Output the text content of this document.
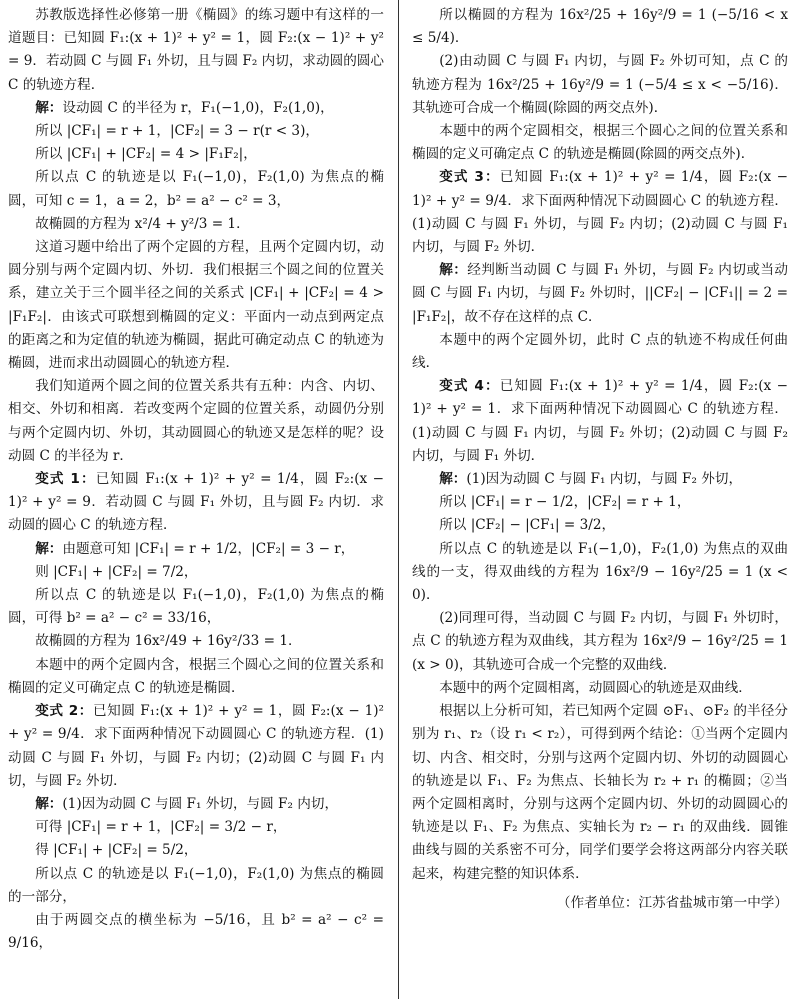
苏教版选择性必修第一册《椭圆》的练习题中有这样的一道题目：已知圆 F₁:(x + 1)² + y² = 1，圆 F₂:(x − 1)² + y² = 9．若动圆 C 与圆 F₁ 外切，且与圆 F₂ 内切，求动圆的圆心 C 的轨迹方程．

解：设动圆 C 的半径为 r，F₁(−1,0)，F₂(1,0)，

所以 |CF₁| = r + 1，|CF₂| = 3 − r(r < 3)，

所以 |CF₁| + |CF₂| = 4 > |F₁F₂|，

所以点 C 的轨迹是以 F₁(−1,0)，F₂(1,0) 为焦点的椭圆，可知 c = 1，a = 2，b² = a² − c² = 3，

故椭圆的方程为 x²/4 + y²/3 = 1．

这道习题中给出了两个定圆的方程，且两个定圆内切，动圆分别与两个定圆内切、外切．我们根据三个圆之间的位置关系，建立关于三个圆半径之间的关系式 |CF₁| + |CF₂| = 4 > |F₁F₂|．由该式可联想到椭圆的定义：平面内一动点到两定点的距离之和为定值的轨迹为椭圆，据此可确定动点 C 的轨迹为椭圆，进而求出动圆圆心的轨迹方程．

我们知道两个圆之间的位置关系共有五种：内含、内切、相交、外切和相离．若改变两个定圆的位置关系，动圆仍分别与两个定圆内切、外切，其动圆圆心的轨迹又是怎样的呢？设动圆 C 的半径为 r．

变式 1：已知圆 F₁:(x + 1)² + y² = 1/4，圆 F₂:(x − 1)² + y² = 9．若动圆 C 与圆 F₁ 外切，且与圆 F₂ 内切．求动圆的圆心 C 的轨迹方程．

解：由题意可知 |CF₁| = r + 1/2，|CF₂| = 3 − r，

则 |CF₁| + |CF₂| = 7/2，

所以点 C 的轨迹是以 F₁(−1,0)，F₂(1,0) 为焦点的椭圆，可得 b² = a² − c² = 33/16，

故椭圆的方程为 16x²/49 + 16y²/33 = 1．

本题中的两个定圆内含，根据三个圆心之间的位置关系和椭圆的定义可确定点 C 的轨迹是椭圆．

变式 2：已知圆 F₁:(x + 1)² + y² = 1，圆 F₂:(x − 1)² + y² = 9/4．求下面两种情况下动圆圆心 C 的轨迹方程．(1)动圆 C 与圆 F₁ 外切，与圆 F₂ 内切；(2)动圆 C 与圆 F₁ 内切，与圆 F₂ 外切．

解：(1)因为动圆 C 与圆 F₁ 外切，与圆 F₂ 内切，

可得 |CF₁| = r + 1，|CF₂| = 3/2 − r，

得 |CF₁| + |CF₂| = 5/2，

所以点 C 的轨迹是以 F₁(−1,0)，F₂(1,0) 为焦点的椭圆的一部分，

由于两圆交点的横坐标为 −5/16，且 b² = a² − c² = 9/16，

所以椭圆的方程为 16x²/25 + 16y²/9 = 1 (−5/16 < x ≤ 5/4)．

(2)由动圆 C 与圆 F₁ 内切，与圆 F₂ 外切可知，点 C 的轨迹方程为 16x²/25 + 16y²/9 = 1 (−5/4 ≤ x < −5/16)．其轨迹可合成一个椭圆(除圆的两交点外)．

本题中的两个定圆相交，根据三个圆心之间的位置关系和椭圆的定义可确定点 C 的轨迹是椭圆(除圆的两交点外)．

变式 3：已知圆 F₁:(x + 1)² + y² = 1/4，圆 F₂:(x − 1)² + y² = 9/4．求下面两种情况下动圆圆心 C 的轨迹方程．(1)动圆 C 与圆 F₁ 外切，与圆 F₂ 内切；(2)动圆 C 与圆 F₁ 内切，与圆 F₂ 外切．

解：经判断当动圆 C 与圆 F₁ 外切，与圆 F₂ 内切或当动圆 C 与圆 F₁ 内切，与圆 F₂ 外切时，||CF₂| − |CF₁|| = 2 = |F₁F₂|，故不存在这样的点 C．

本题中的两个定圆外切，此时 C 点的轨迹不构成任何曲线．

变式 4：已知圆 F₁:(x + 1)² + y² = 1/4，圆 F₂:(x − 1)² + y² = 1．求下面两种情况下动圆圆心 C 的轨迹方程．(1)动圆 C 与圆 F₁ 内切，与圆 F₂ 外切；(2)动圆 C 与圆 F₂ 内切，与圆 F₁ 外切．

解：(1)因为动圆 C 与圆 F₁ 内切，与圆 F₂ 外切，

所以 |CF₁| = r − 1/2，|CF₂| = r + 1，

所以 |CF₂| − |CF₁| = 3/2，

所以点 C 的轨迹是以 F₁(−1,0)，F₂(1,0) 为焦点的双曲线的一支，得双曲线的方程为 16x²/9 − 16y²/25 = 1 (x < 0)．

(2)同理可得，当动圆 C 与圆 F₂ 内切，与圆 F₁ 外切时，点 C 的轨迹方程为双曲线，其方程为 16x²/9 − 16y²/25 = 1 (x > 0)，其轨迹可合成一个完整的双曲线．

本题中的两个定圆相离，动圆圆心的轨迹是双曲线．

根据以上分析可知，若已知两个定圆 ⊙F₁、⊙F₂ 的半径分别为 r₁、r₂（设 r₁ < r₂），可得到两个结论：①当两个定圆内切、内含、相交时，分别与这两个定圆内切、外切的动圆圆心的轨迹是以 F₁、F₂ 为焦点、长轴长为 r₂ + r₁ 的椭圆；②当两个定圆相离时，分别与这两个定圆内切、外切的动圆圆心的轨迹是以 F₁、F₂ 为焦点、实轴长为 r₂ − r₁ 的双曲线．圆锥曲线与圆的关系密不可分，同学们要学会将这两部分内容关联起来，构建完整的知识体系．

（作者单位：江苏省盐城市第一中学）
